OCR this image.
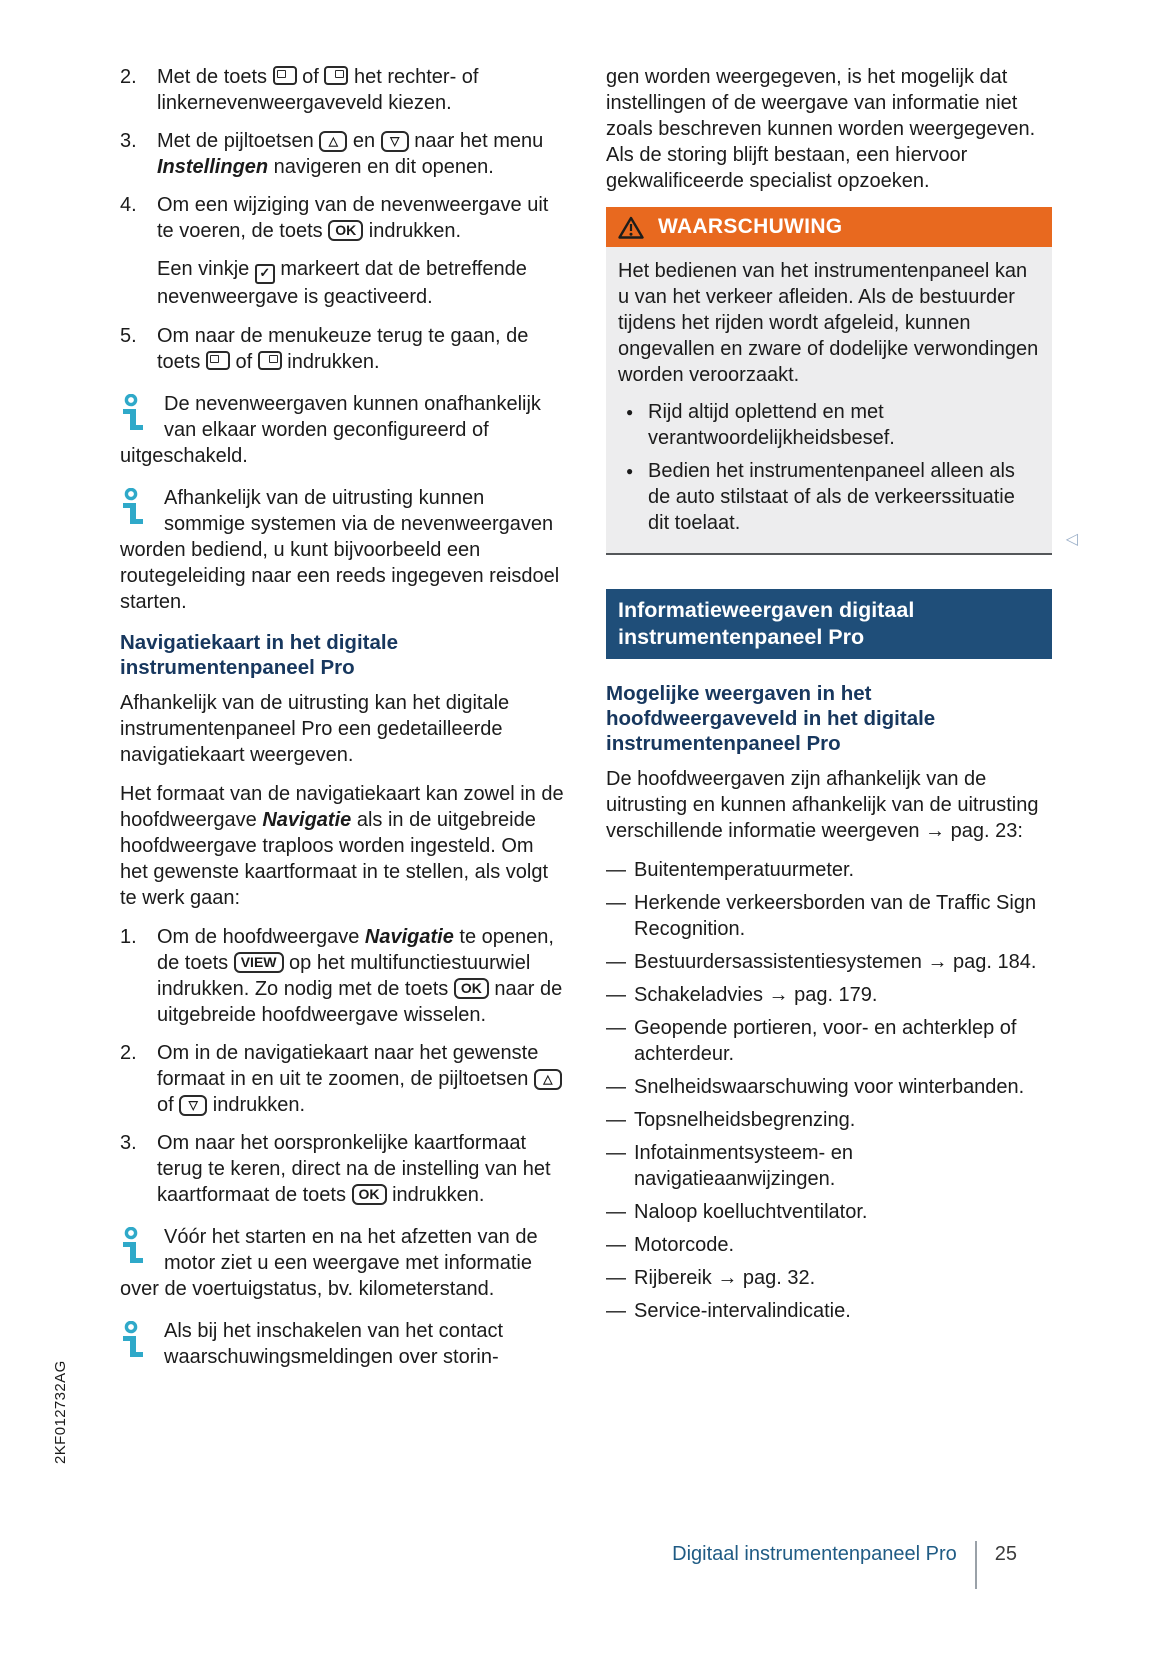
2.	Met de toets  of  het rechter- of linkernevenweergaveveld kiezen.
3.	Met de pijltoetsen △ en ▽ naar het menu Instellingen navigeren en dit openen.
4.	Om een wijziging van de nevenweergave uit te voeren, de toets OK indrukken.
Een vinkje ✓ markeert dat de betreffende nevenweergave is geactiveerd.
5.	Om naar de menukeuze terug te gaan, de toets  of  indrukken.
De nevenweergaven kunnen onafhankelijk van elkaar worden geconfigureerd of uitgeschakeld.
Afhankelijk van de uitrusting kunnen sommige systemen via de nevenweergaven worden bediend, u kunt bijvoorbeeld een routegeleiding naar een reeds ingegeven reisdoel starten.
Navigatiekaart in het digitale instrumentenpaneel Pro

Afhankelijk van de uitrusting kan het digitale instrumentenpaneel Pro een gedetailleerde navigatiekaart weergeven.

Het formaat van de navigatiekaart kan zowel in de hoofdweergave Navigatie als in de uitgebreide hoofdweergave traploos worden ingesteld. Om het gewenste kaartformaat in te stellen, als volgt te werk gaan:

1.	Om de hoofdweergave Navigatie te openen, de toets VIEW op het multifunctiestuurwiel indrukken. Zo nodig met de toets OK naar de uitgebreide hoofdweergave wisselen.
2.	Om in de navigatiekaart naar het gewenste formaat in en uit te zoomen, de pijltoetsen △ of ▽ indrukken.
3.	Om naar het oorspronkelijke kaartformaat terug te keren, direct na de instelling van het kaartformaat de toets OK indrukken.
Vóór het starten en na het afzetten van de motor ziet u een weergave met informatie over de voertuigstatus, bv. kilometerstand.
Als bij het inschakelen van het contact waarschuwingsmeldingen over storin-

gen worden weergegeven, is het mogelijk dat instellingen of de weergave van informatie niet zoals beschreven kunnen worden weergegeven. Als de storing blijft bestaan, een hiervoor gekwalificeerde specialist opzoeken.

WAARSCHUWING

Het bedienen van het instrumentenpaneel kan u van het verkeer afleiden. Als de bestuurder tijdens het rijden wordt afgeleid, kunnen ongevallen en zware of dodelijke verwondingen worden veroorzaakt.

● Rijd altijd oplettend en met verantwoordelijkheidsbesef.
● Bedien het instrumentenpaneel alleen als de auto stilstaat of als de verkeerssituatie dit toelaat.
◁
Informatieweergaven digitaal instrumentenpaneel Pro
Mogelijke weergaven in het hoofdweergaveveld in het digitale instrumentenpaneel Pro

De hoofdweergaven zijn afhankelijk van de uitrusting en kunnen afhankelijk van de uitrusting verschillende informatie weergeven → pag. 23:

— Buitentemperatuurmeter.
— Herkende verkeersborden van de Traffic Sign Recognition.
— Bestuurdersassistentiesystemen → pag. 184.
— Schakeladvies → pag. 179.
— Geopende portieren, voor- en achterklep of achterdeur.
— Snelheidswaarschuwing voor winterbanden.
— Topsnelheidsbegrenzing.
— Infotainmentsysteem- en navigatieaanwijzingen.
— Naloop koelluchtventilator.
— Motorcode.
— Rijbereik → pag. 32.
— Service-intervalindicatie.
2KF012732AG
Digitaal instrumentenpaneel Pro 25
